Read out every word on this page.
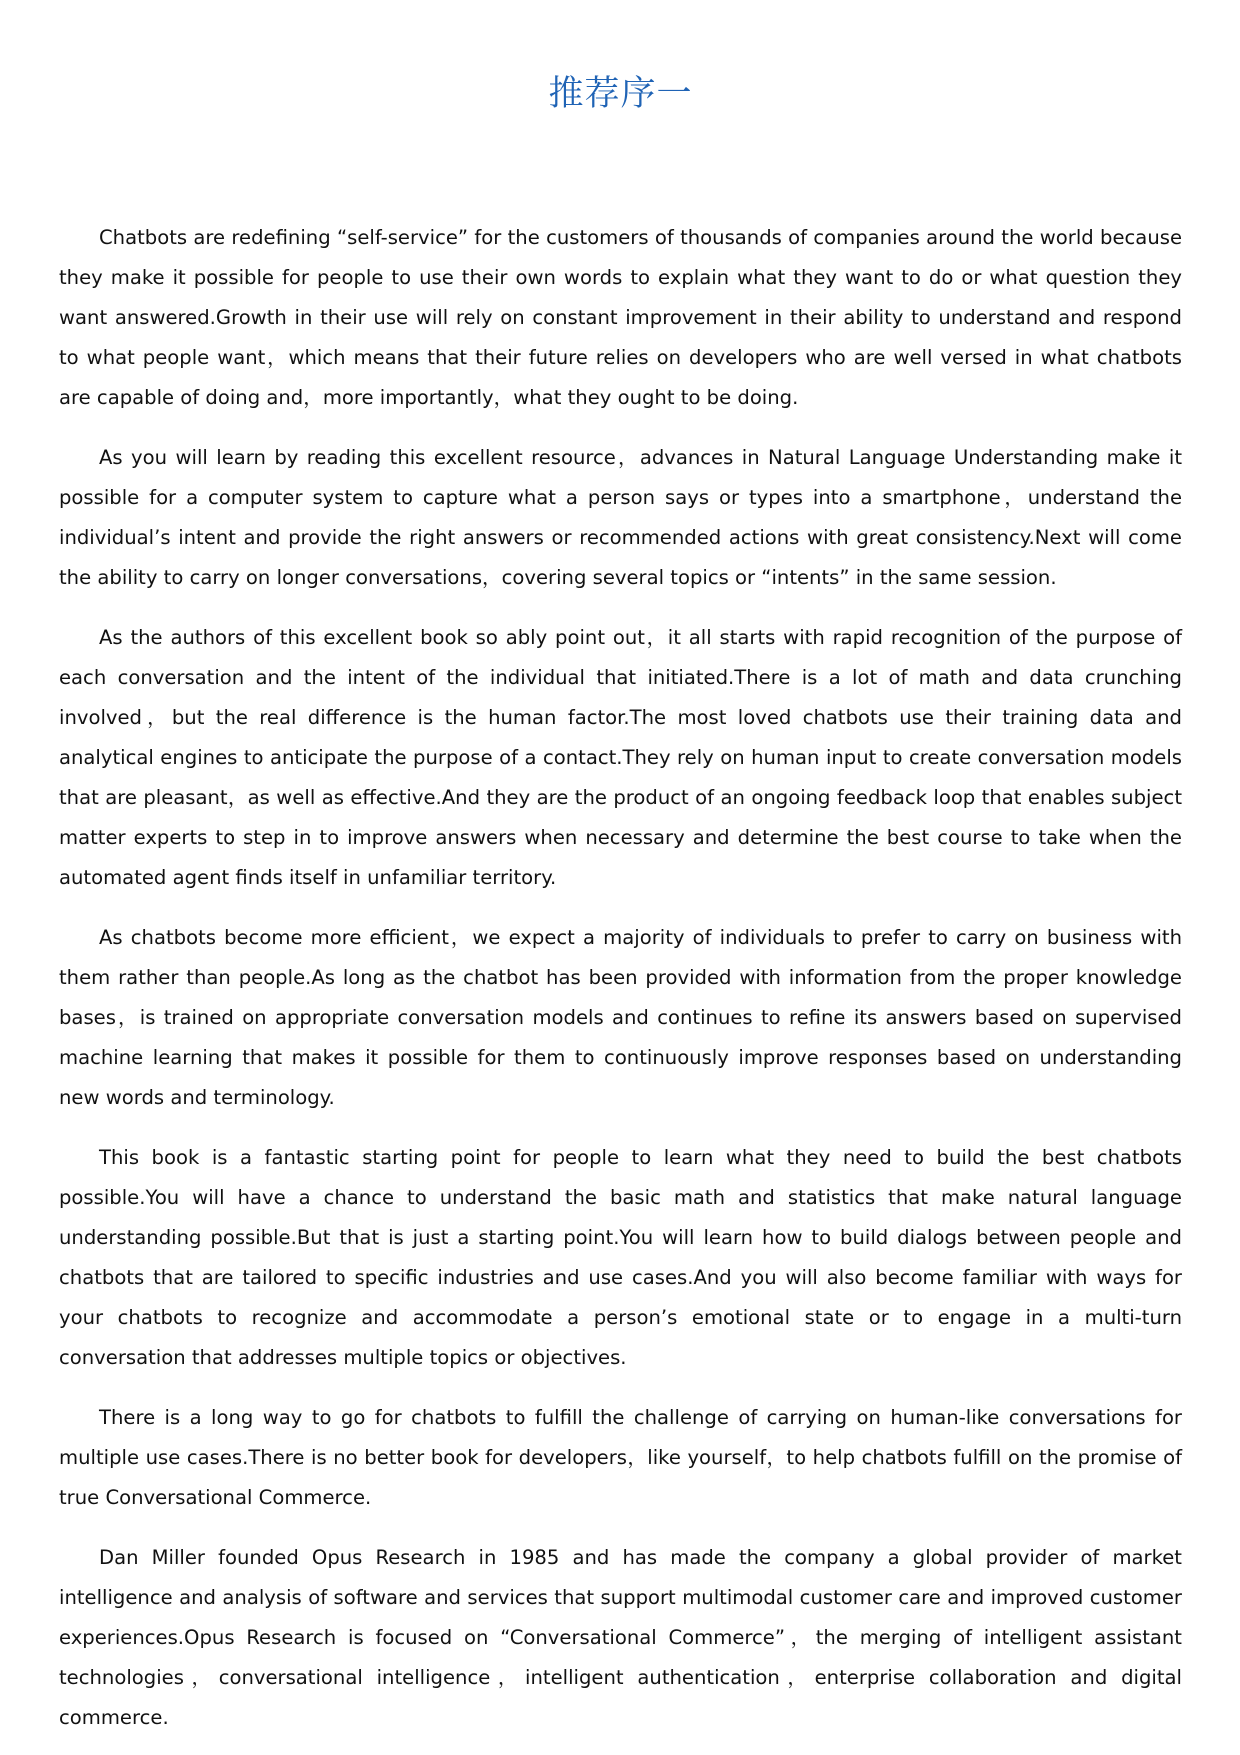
推荐序一

Chatbots are redefining “self-service” for the customers of thousands of companies around the world because they make it possible for people to use their own words to explain what they want to do or what question they want answered.Growth in their use will rely on constant improvement in their ability to understand and respond to what people want，which means that their future relies on developers who are well versed in what chatbots are capable of doing and，more importantly，what they ought to be doing.

As you will learn by reading this excellent resource，advances in Natural Language Understanding make it possible for a computer system to capture what a person says or types into a smartphone，understand the individual’s intent and provide the right answers or recommended actions with great consistency.Next will come the ability to carry on longer conversations，covering several topics or “intents” in the same session.

As the authors of this excellent book so ably point out，it all starts with rapid recognition of the purpose of each conversation and the intent of the individual that initiated.There is a lot of math and data crunching involved，but the real difference is the human factor.The most loved chatbots use their training data and analytical engines to anticipate the purpose of a contact.They rely on human input to create conversation models that are pleasant，as well as effective.And they are the product of an ongoing feedback loop that enables subject matter experts to step in to improve answers when necessary and determine the best course to take when the automated agent finds itself in unfamiliar territory.

As chatbots become more efficient，we expect a majority of individuals to prefer to carry on business with them rather than people.As long as the chatbot has been provided with information from the proper knowledge bases，is trained on appropriate conversation models and continues to refine its answers based on supervised machine learning that makes it possible for them to continuously improve responses based on understanding new words and terminology.

This book is a fantastic starting point for people to learn what they need to build the best chatbots possible.You will have a chance to understand the basic math and statistics that make natural language understanding possible.But that is just a starting point.You will learn how to build dialogs between people and chatbots that are tailored to specific industries and use cases.And you will also become familiar with ways for your chatbots to recognize and accommodate a person’s emotional state or to engage in a multi-turn conversation that addresses multiple topics or objectives.

There is a long way to go for chatbots to fulfill the challenge of carrying on human-like conversations for multiple use cases.There is no better book for developers，like yourself，to help chatbots fulfill on the promise of true Conversational Commerce.

Dan Miller founded Opus Research in 1985 and has made the company a global provider of market intelligence and analysis of software and services that support multimodal customer care and improved customer experiences.Opus Research is focused on “Conversational Commerce”，the merging of intelligent assistant technologies，conversational intelligence，intelligent authentication，enterprise collaboration and digital commerce.
